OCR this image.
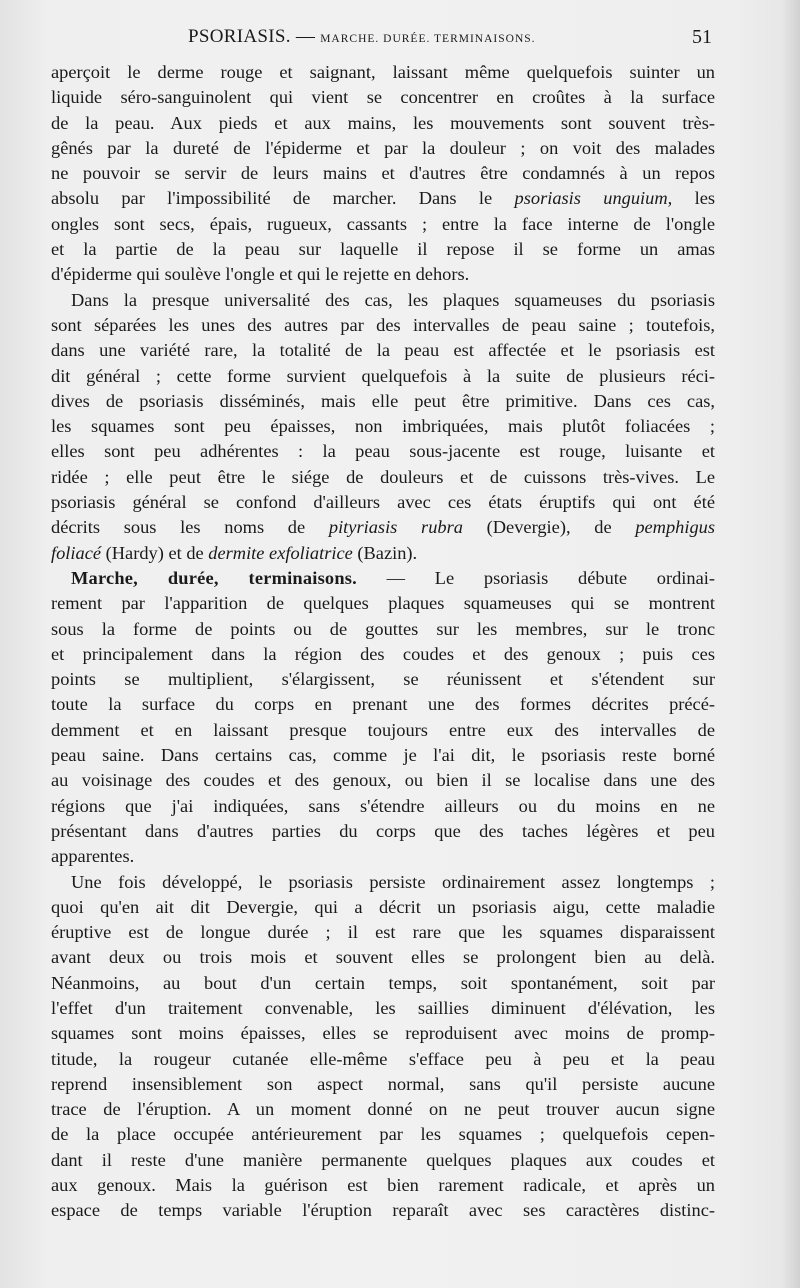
PSORIASIS. — MARCHE. DURÉE. TERMINAISONS.	51
aperçoit le derme rouge et saignant, laissant même quelquefois suinter un
liquide séro-sanguinolent qui vient se concentrer en croûtes à la surface
de la peau. Aux pieds et aux mains, les mouvements sont souvent très-
gênés par la dureté de l'épiderme et par la douleur ; on voit des malades
ne pouvoir se servir de leurs mains et d'autres être condamnés à un repos
absolu par l'impossibilité de marcher. Dans le psoriasis unguium, les
ongles sont secs, épais, rugueux, cassants ; entre la face interne de l'ongle
et la partie de la peau sur laquelle il repose il se forme un amas
d'épiderme qui soulève l'ongle et qui le rejette en dehors.
Dans la presque universalité des cas, les plaques squameuses du psoriasis
sont séparées les unes des autres par des intervalles de peau saine ; toutefois,
dans une variété rare, la totalité de la peau est affectée et le psoriasis est
dit général ; cette forme survient quelquefois à la suite de plusieurs réci-
dives de psoriasis disséminés, mais elle peut être primitive. Dans ces cas,
les squames sont peu épaisses, non imbriquées, mais plutôt foliacées ;
elles sont peu adhérentes : la peau sous-jacente est rouge, luisante et
ridée ; elle peut être le siége de douleurs et de cuissons très-vives. Le
psoriasis général se confond d'ailleurs avec ces états éruptifs qui ont été
décrits sous les noms de pityriasis rubra (Devergie), de pemphigus
foliacé (Hardy) et de dermite exfoliatrice (Bazin).
Marche, durée, terminaisons. — Le psoriasis débute ordinai-
rement par l'apparition de quelques plaques squameuses qui se montrent
sous la forme de points ou de gouttes sur les membres, sur le tronc
et principalement dans la région des coudes et des genoux ; puis ces
points se multiplient, s'élargissent, se réunissent et s'étendent sur
toute la surface du corps en prenant une des formes décrites précé-
demment et en laissant presque toujours entre eux des intervalles de
peau saine. Dans certains cas, comme je l'ai dit, le psoriasis reste borné
au voisinage des coudes et des genoux, ou bien il se localise dans une des
régions que j'ai indiquées, sans s'étendre ailleurs ou du moins en ne
présentant dans d'autres parties du corps que des taches légères et peu
apparentes.
Une fois développé, le psoriasis persiste ordinairement assez longtemps ;
quoi qu'en ait dit Devergie, qui a décrit un psoriasis aigu, cette maladie
éruptive est de longue durée ; il est rare que les squames disparaissent
avant deux ou trois mois et souvent elles se prolongent bien au delà.
Néanmoins, au bout d'un certain temps, soit spontanément, soit par
l'effet d'un traitement convenable, les saillies diminuent d'élévation, les
squames sont moins épaisses, elles se reproduisent avec moins de promp-
titude, la rougeur cutanée elle-même s'efface peu à peu et la peau
reprend insensiblement son aspect normal, sans qu'il persiste aucune
trace de l'éruption. A un moment donné on ne peut trouver aucun signe
de la place occupée antérieurement par les squames ; quelquefois cepen-
dant il reste d'une manière permanente quelques plaques aux coudes et
aux genoux. Mais la guérison est bien rarement radicale, et après un
espace de temps variable l'éruption reparaît avec ses caractères distinc-
